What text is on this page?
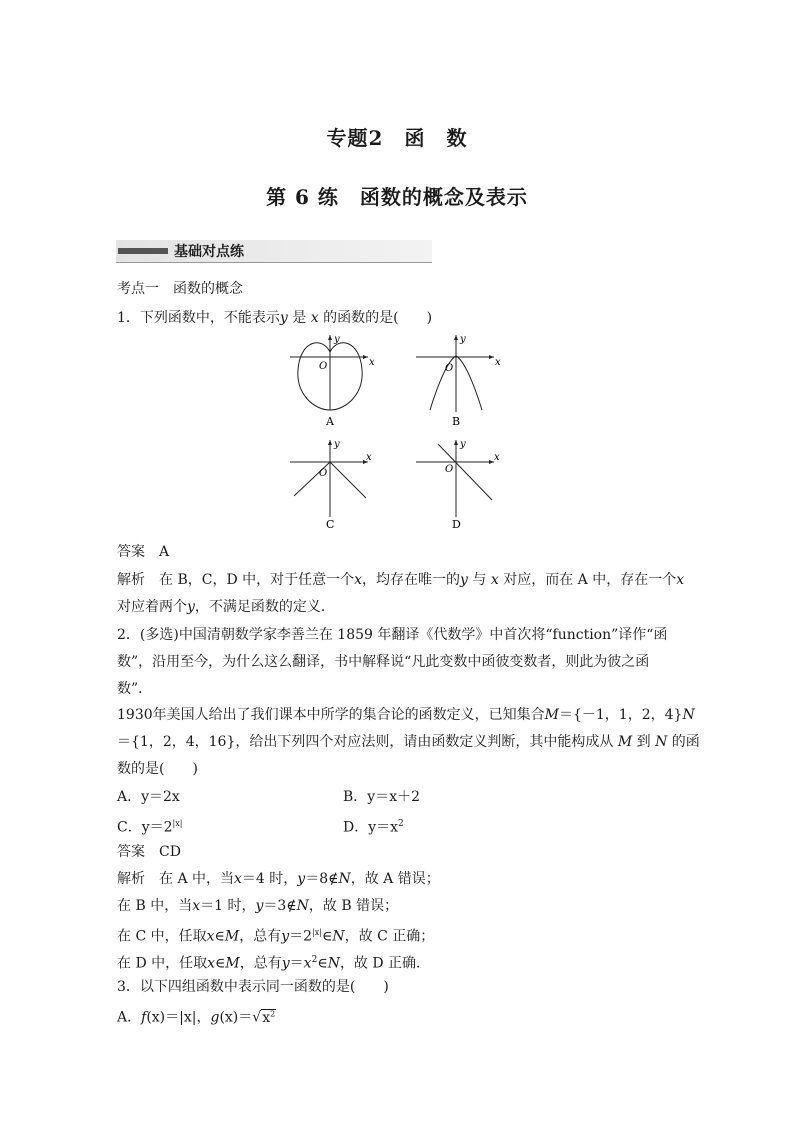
专题2　函　数
第 6 练　函数的概念及表示
基础对点练
考点一　函数的概念
1．下列函数中，不能表示y 是 x 的函数的是(　　)
y
x
O
A
y
x
O
B
y
x
O
C
y
x
O
D
答案　A
解析　在 B，C，D 中，对于任意一个x，均存在唯一的y 与 x 对应，而在 A 中，存在一个x
对应着两个y，不满足函数的定义．
2．(多选)中国清朝数学家李善兰在 1859 年翻译《代数学》中首次将“function”译作“函
数”，沿用至今，为什么这么翻译，书中解释说“凡此变数中函彼变数者，则此为彼之函
数”．
1930年美国人给出了我们课本中所学的集合论的函数定义，已知集合M＝{－1，1，2，4}N
＝{1，2，4，16}，给出下列四个对应法则，请由函数定义判断，其中能构成从 M 到 N 的函
数的是(　　)
A．y＝2x	B．y＝x＋2
C．$y=2^{|x|}$	D．$y=x^2$
答案　CD
解析　在 A 中，当x＝4 时，y＝8∉N，故 A 错误；
在 B 中，当x＝1 时，y＝3∉N，故 B 错误；
在 C 中，任取x∈M，总有$y=2^{|x|}\in N$，故 C 正确；
在 D 中，任取x∈M，总有$y=x^2\in N$，故 D 正确．
3．以下四组函数中表示同一函数的是(　　)
A．f(x)＝|x|，$g(x)=√x^2$
